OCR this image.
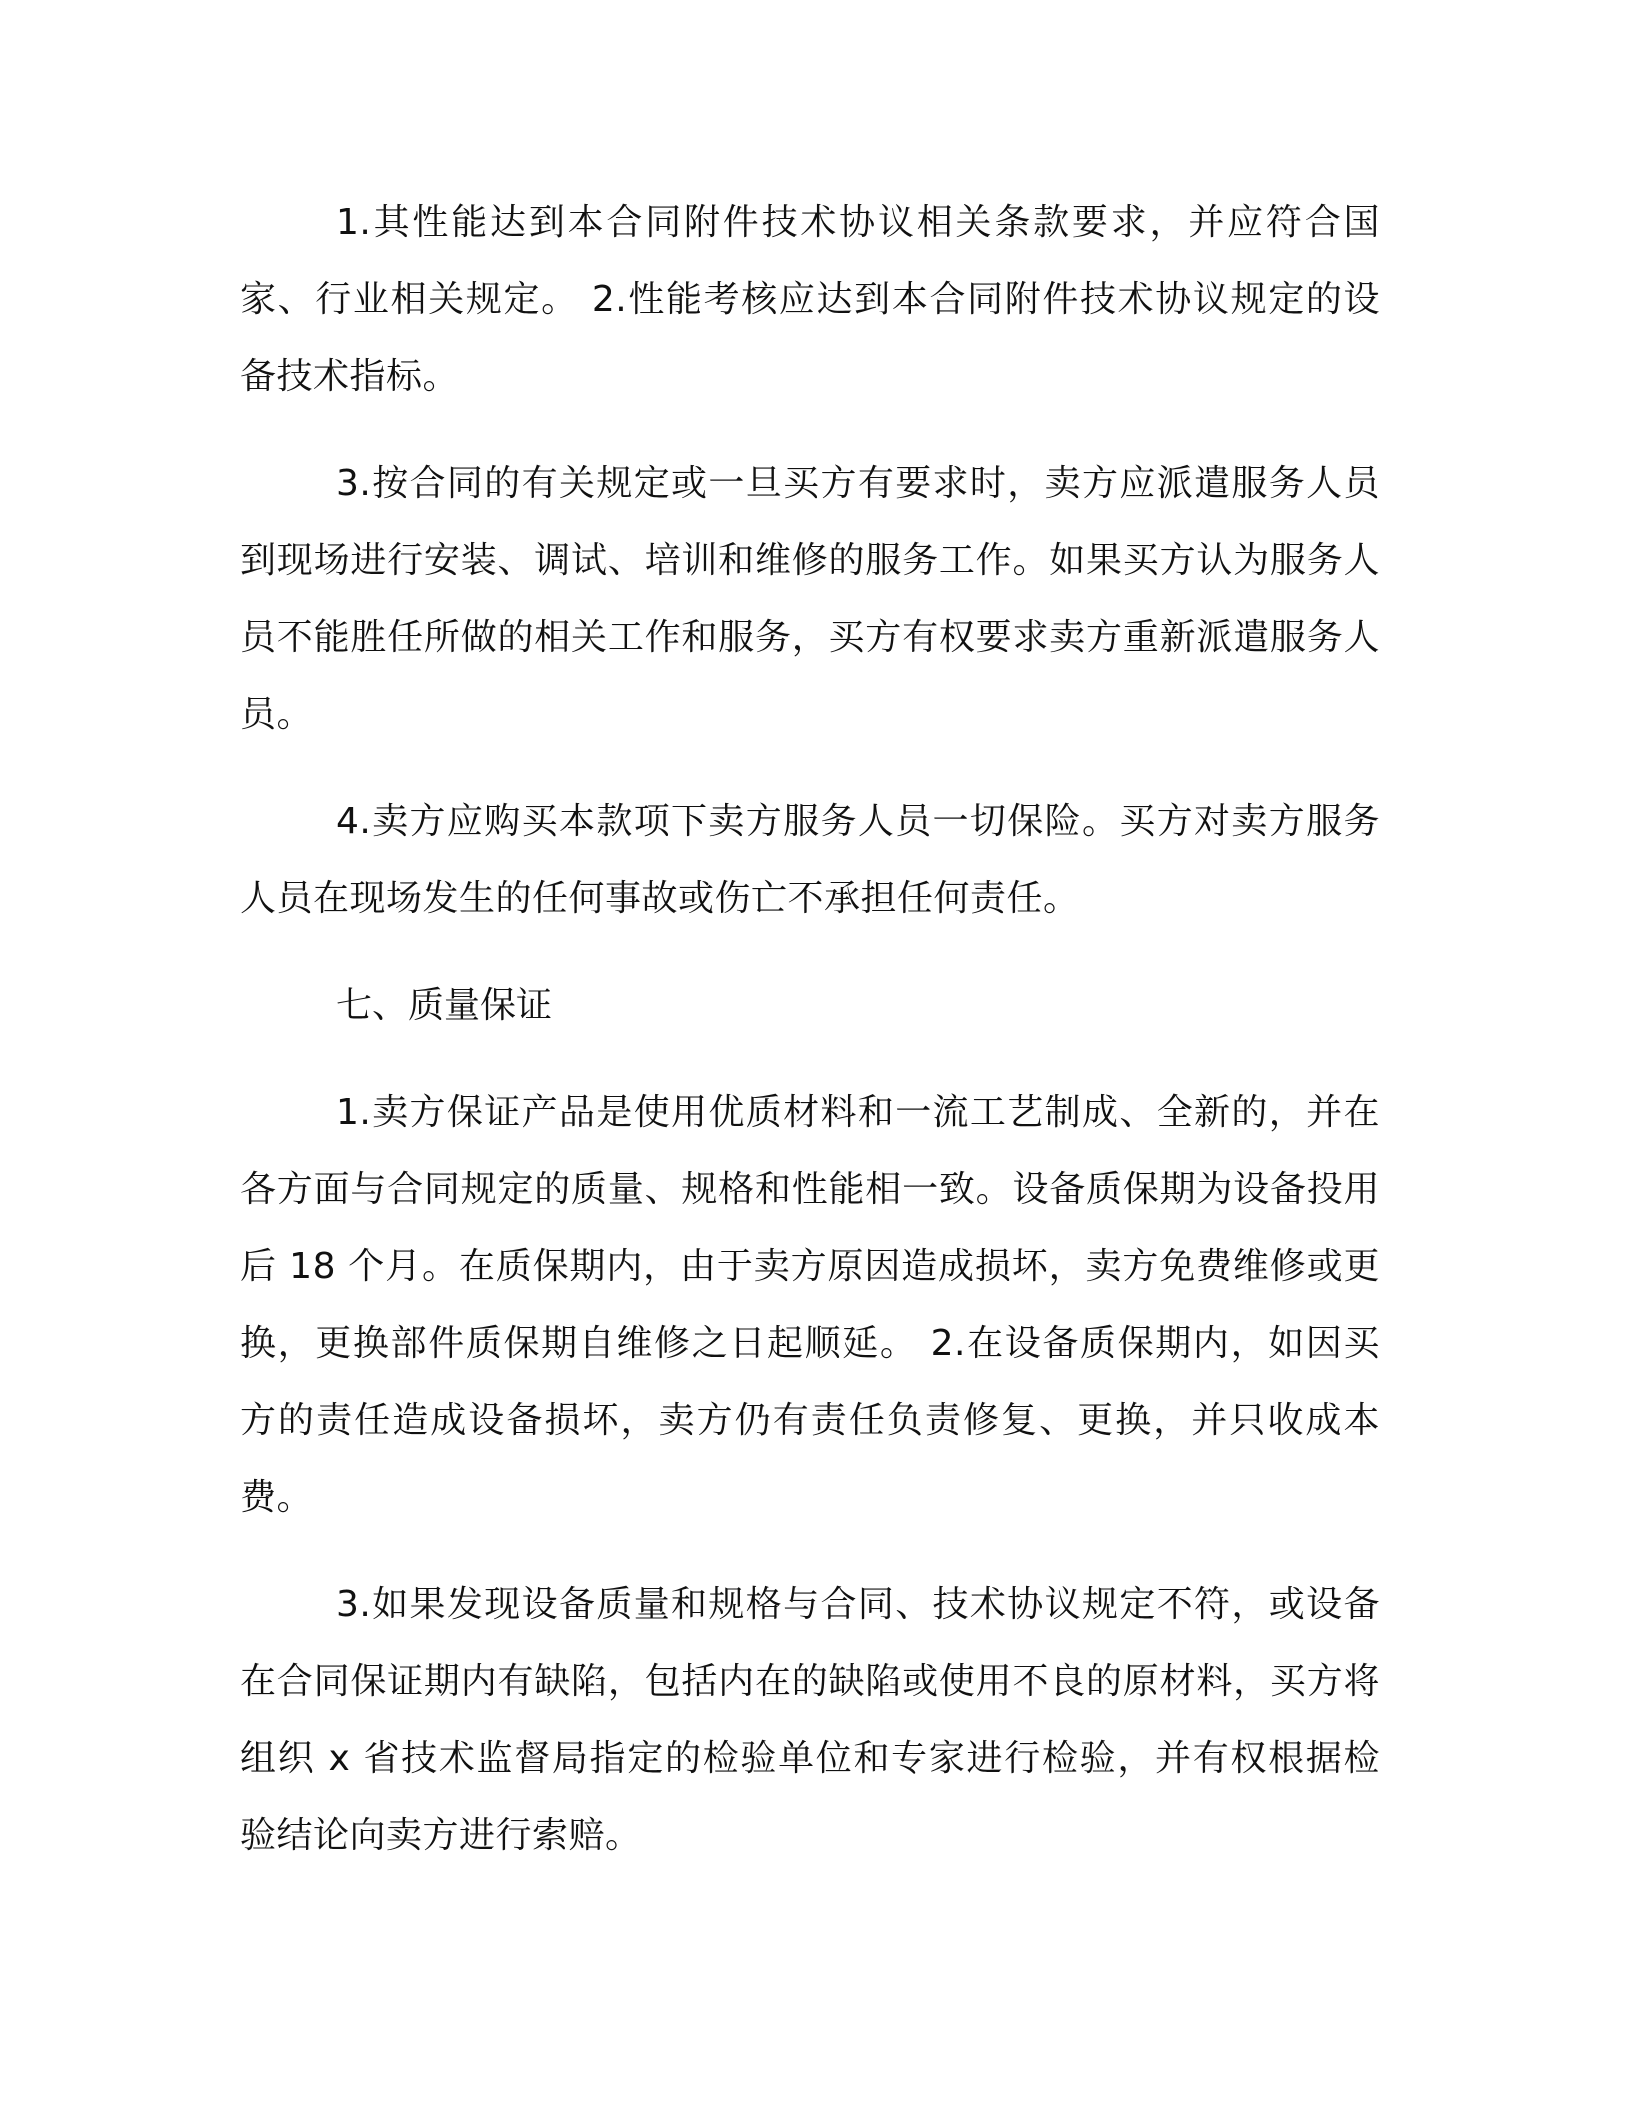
1.其性能达到本合同附件技术协议相关条款要求，并应符合国家、行业相关规定。 2.性能考核应达到本合同附件技术协议规定的设备技术指标。

3.按合同的有关规定或一旦买方有要求时，卖方应派遣服务人员到现场进行安装、调试、培训和维修的服务工作。如果买方认为服务人员不能胜任所做的相关工作和服务，买方有权要求卖方重新派遣服务人员。

4.卖方应购买本款项下卖方服务人员一切保险。买方对卖方服务人员在现场发生的任何事故或伤亡不承担任何责任。

七、质量保证

1.卖方保证产品是使用优质材料和一流工艺制成、全新的，并在各方面与合同规定的质量、规格和性能相一致。设备质保期为设备投用后 18 个月。在质保期内，由于卖方原因造成损坏，卖方免费维修或更换，更换部件质保期自维修之日起顺延。 2.在设备质保期内，如因买方的责任造成设备损坏，卖方仍有责任负责修复、更换，并只收成本费。

3.如果发现设备质量和规格与合同、技术协议规定不符，或设备在合同保证期内有缺陷，包括内在的缺陷或使用不良的原材料，买方将组织 x 省技术监督局指定的检验单位和专家进行检验，并有权根据检验结论向卖方进行索赔。
